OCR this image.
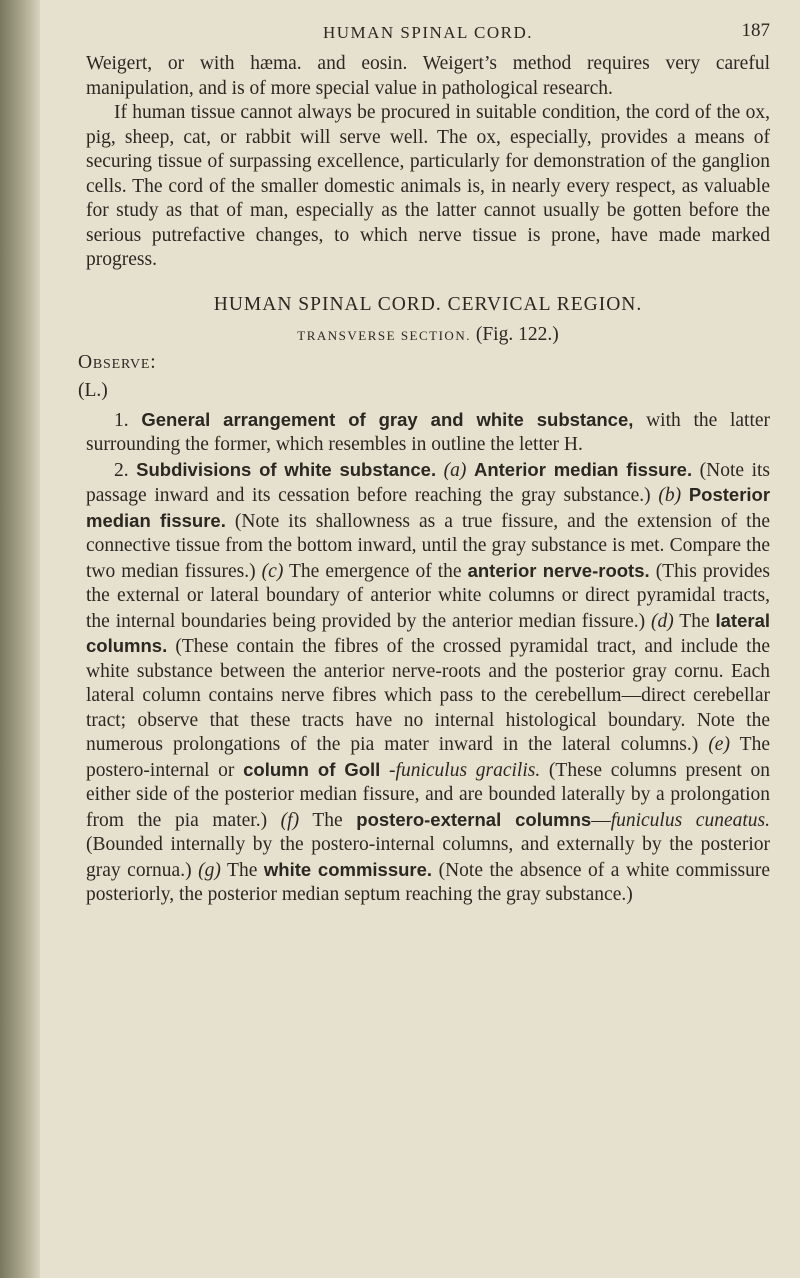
HUMAN SPINAL CORD.	187

Weigert, or with hæma. and eosin. Weigert’s method requires very careful manipulation, and is of more special value in pathological research.

If human tissue cannot always be procured in suitable condition, the cord of the ox, pig, sheep, cat, or rabbit will serve well. The ox, especially, provides a means of securing tissue of surpassing excellence, particularly for demonstration of the ganglion cells. The cord of the smaller domestic animals is, in nearly every respect, as valuable for study as that of man, especially as the latter cannot usually be gotten before the serious putrefactive changes, to which nerve tissue is prone, have made marked progress.

HUMAN SPINAL CORD. CERVICAL REGION.
TRANSVERSE SECTION. (Fig. 122.)
Observe:
(L.)

1. General arrangement of gray and white substance, with the latter surrounding the former, which resembles in outline the letter H.

2. Subdivisions of white substance. (a) Anterior median fissure. (Note its passage inward and its cessation before reaching the gray substance.) (b) Posterior median fissure. (Note its shallowness as a true fissure, and the extension of the connective tissue from the bottom inward, until the gray substance is met. Compare the two median fissures.) (c) The emergence of the anterior nerve-roots. (This provides the external or lateral boundary of anterior white columns or direct pyramidal tracts, the internal boundaries being provided by the anterior median fissure.) (d) The lateral columns. (These contain the fibres of the crossed pyramidal tract, and include the white substance between the anterior nerve-roots and the posterior gray cornu. Each lateral column contains nerve fibres which pass to the cerebellum—direct cerebellar tract; observe that these tracts have no internal histological boundary. Note the numerous prolongations of the pia mater inward in the lateral columns.) (e) The postero-internal or column of Goll -funiculus gracilis. (These columns present on either side of the posterior median fissure, and are bounded laterally by a prolongation from the pia mater.) (f) The postero-external columns—funiculus cuneatus. (Bounded internally by the postero-internal columns, and externally by the posterior gray cornua.) (g) The white commissure. (Note the absence of a white commissure posteriorly, the posterior median septum reaching the gray substance.)
